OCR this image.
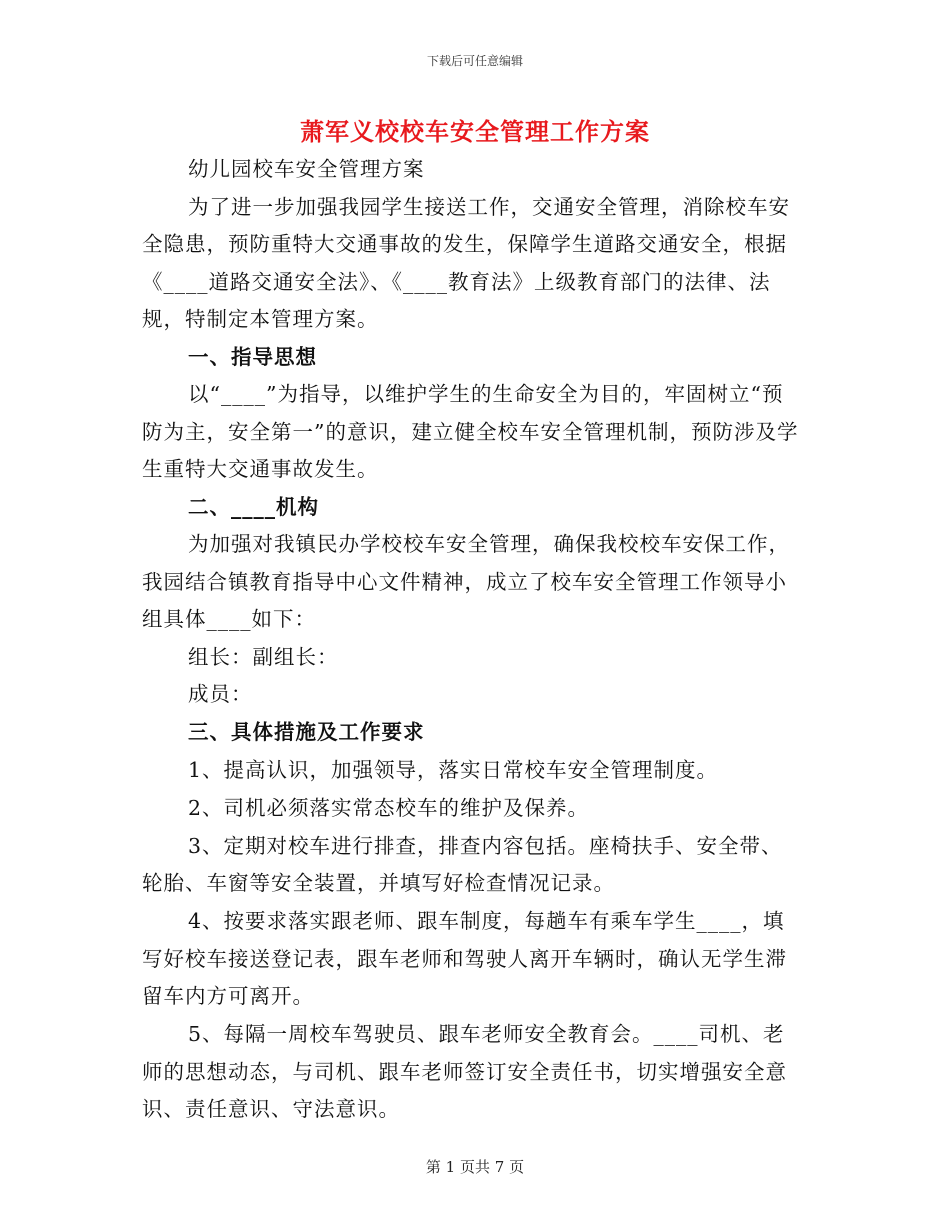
下载后可任意编辑
萧军义校校车安全管理工作方案

幼儿园校车安全管理方案

为了进一步加强我园学生接送工作，交通安全管理，消除校车安全隐患，预防重特大交通事故的发生，保障学生道路交通安全，根据《____道路交通安全法》、《____教育法》上级教育部门的法律、法规，特制定本管理方案。

一、指导思想

以“____”为指导，以维护学生的生命安全为目的，牢固树立“预防为主，安全第一”的意识，建立健全校车安全管理机制，预防涉及学生重特大交通事故发生。

二、____机构

为加强对我镇民办学校校车安全管理，确保我校校车安保工作，我园结合镇教育指导中心文件精神，成立了校车安全管理工作领导小组具体____如下：

组长：副组长：

成员：

三、具体措施及工作要求

1、提高认识，加强领导，落实日常校车安全管理制度。

2、司机必须落实常态校车的维护及保养。

3、定期对校车进行排查，排查内容包括。座椅扶手、安全带、轮胎、车窗等安全装置，并填写好检查情况记录。

4、按要求落实跟老师、跟车制度，每趟车有乘车学生____，填写好校车接送登记表，跟车老师和驾驶人离开车辆时，确认无学生滞留车内方可离开。

5、每隔一周校车驾驶员、跟车老师安全教育会。____司机、老师的思想动态，与司机、跟车老师签订安全责任书，切实增强安全意识、责任意识、守法意识。

第 1 页共 7 页
